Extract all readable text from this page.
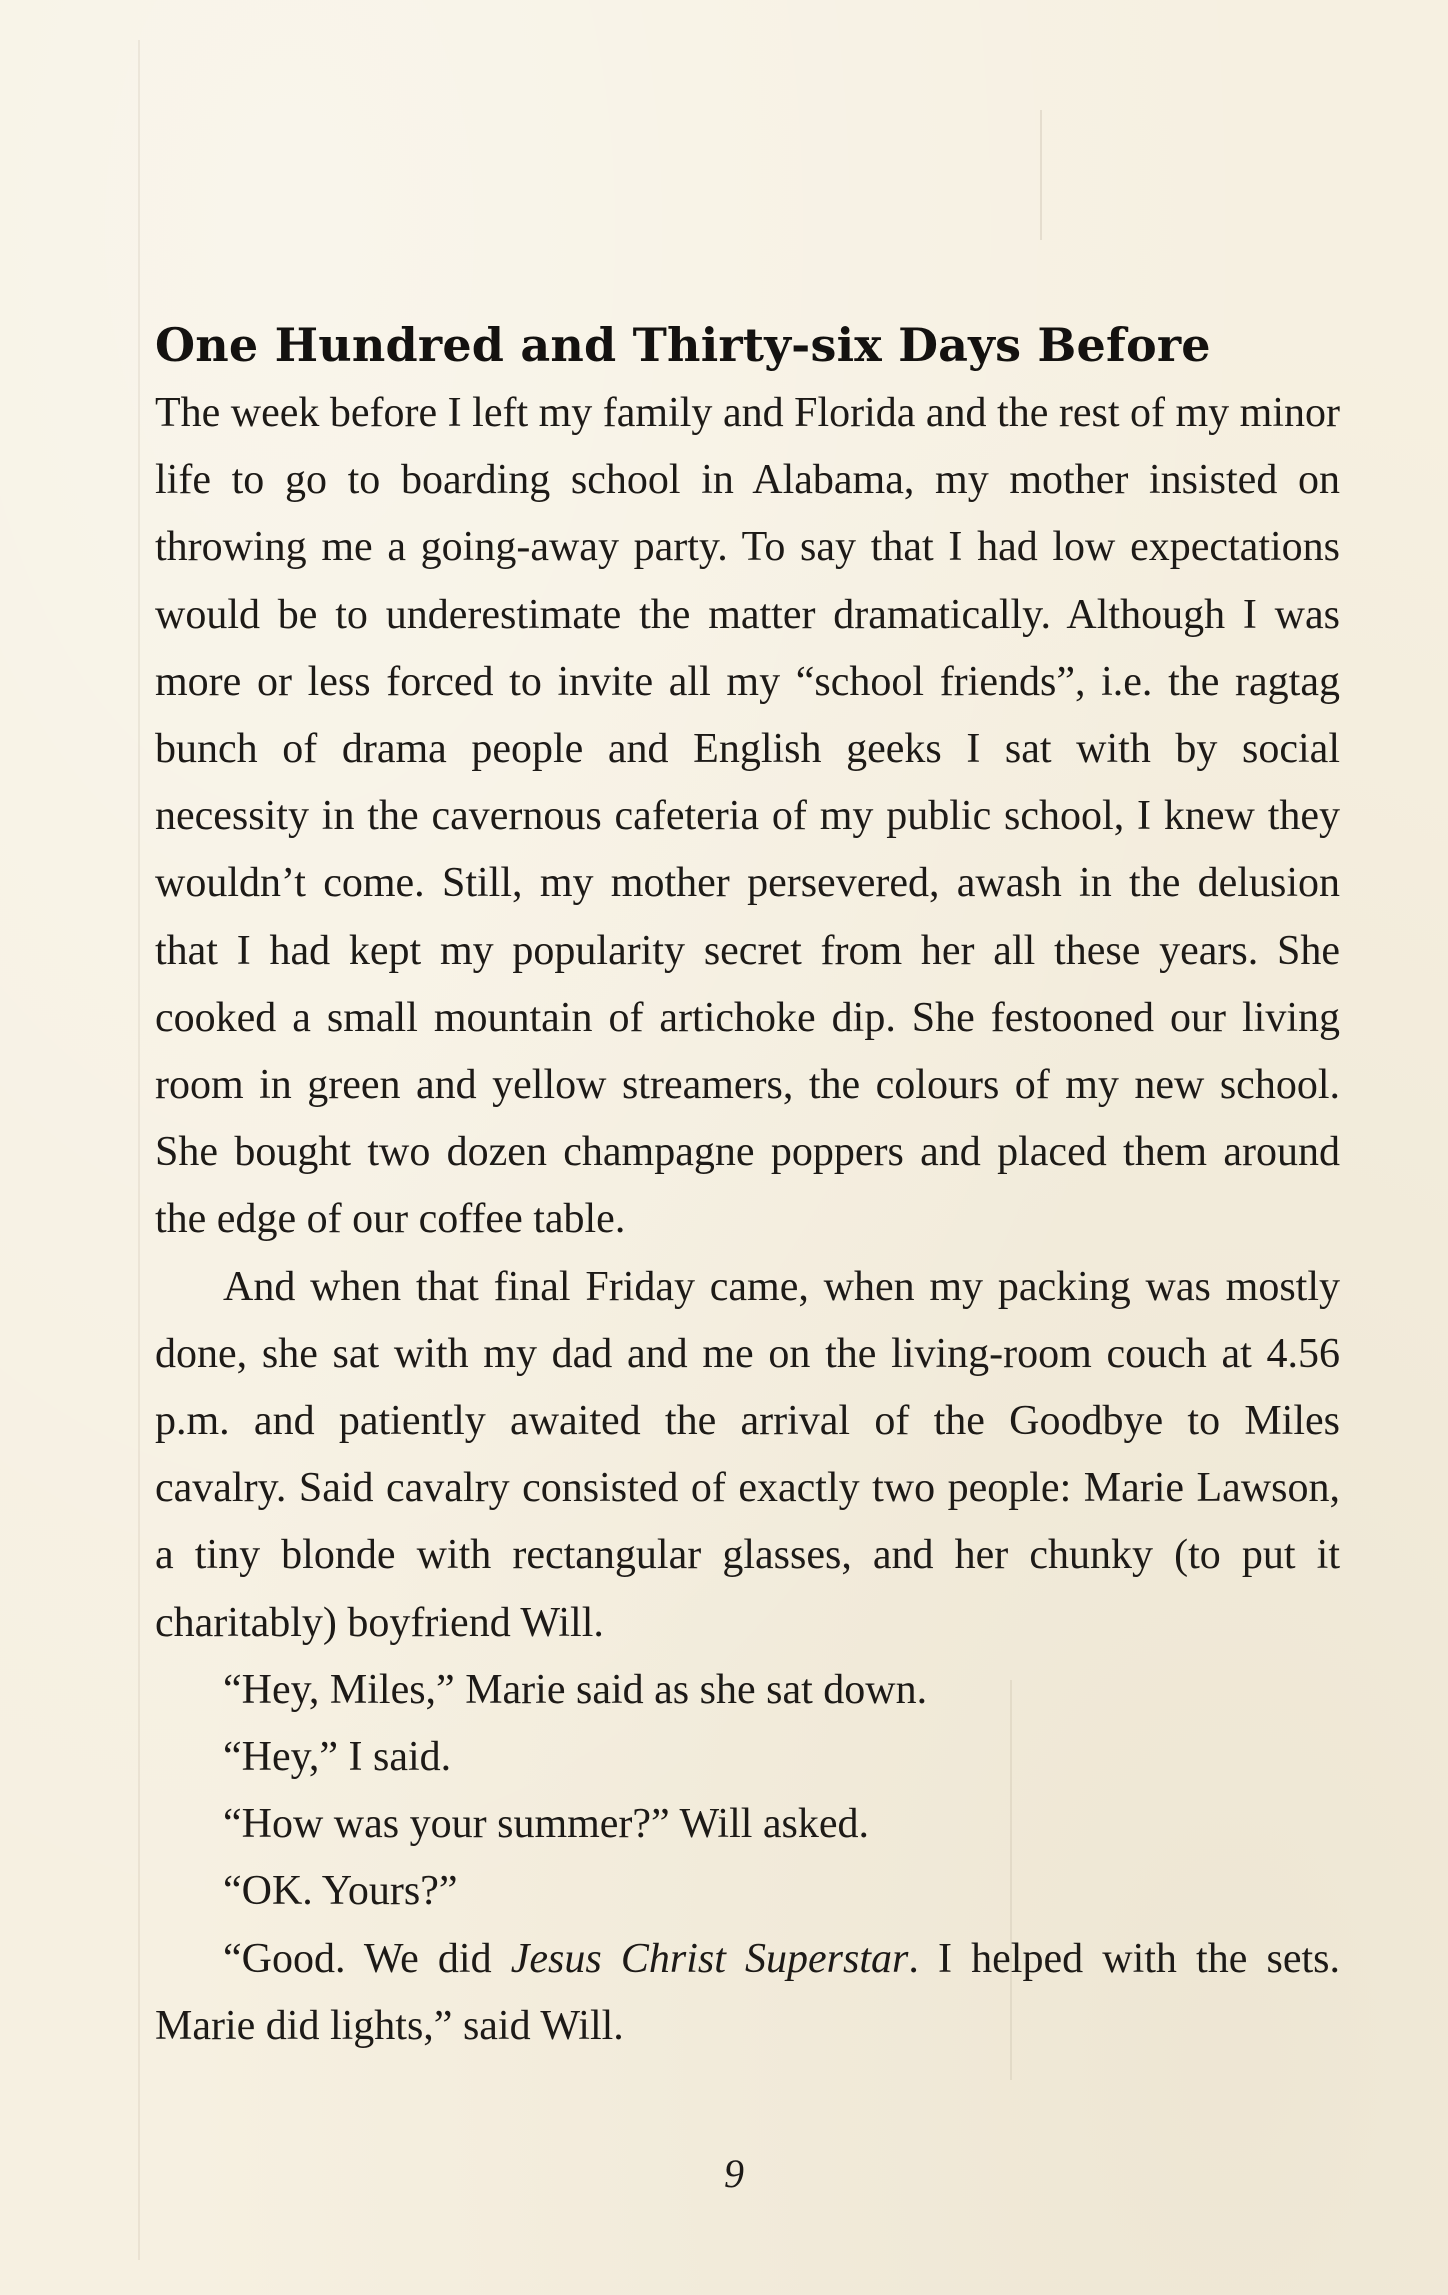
One Hundred and Thirty-six Days Before

The week before I left my family and Florida and the rest of my minor life to go to boarding school in Alabama, my mother insisted on throwing me a going-away party. To say that I had low expectations would be to underestimate the matter dramatically. Although I was more or less forced to invite all my “school friends”, i.e. the ragtag bunch of drama people and English geeks I sat with by social necessity in the cavernous cafeteria of my public school, I knew they wouldn’t come. Still, my mother persevered, awash in the delusion that I had kept my popularity secret from her all these years. She cooked a small mountain of artichoke dip. She festooned our living room in green and yellow streamers, the colours of my new school. She bought two dozen champagne poppers and placed them around the edge of our coffee table.

And when that final Friday came, when my packing was mostly done, she sat with my dad and me on the living-room couch at 4.56 p.m. and patiently awaited the arrival of the Goodbye to Miles cavalry. Said cavalry consisted of exactly two people: Marie Lawson, a tiny blonde with rectangular glasses, and her chunky (to put it charitably) boyfriend Will.

“Hey, Miles,” Marie said as she sat down.

“Hey,” I said.

“How was your summer?” Will asked.

“OK. Yours?”

“Good. We did Jesus Christ Superstar. I helped with the sets. Marie did lights,” said Will.

9
